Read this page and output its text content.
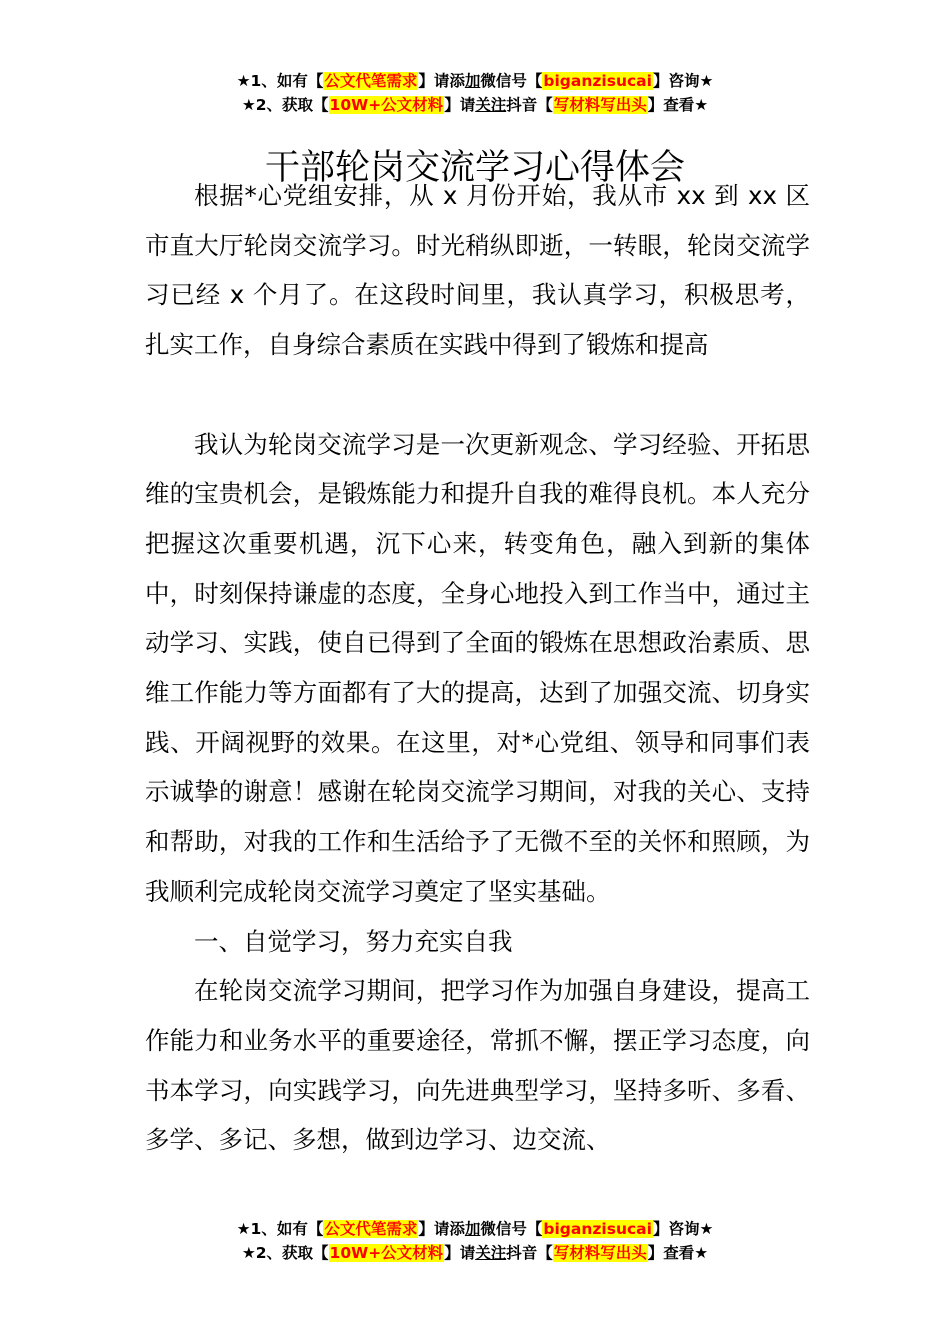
★1、如有【公文代笔需求】请添加微信号【biganzisucai】咨询★
★2、获取【10W+公文材料】请关注抖音【写材料写出头】查看★
干部轮岗交流学习心得体会

根据*心党组安排，从 x 月份开始，我从市 xx 到 xx 区市直大厅轮岗交流学习。时光稍纵即逝，一转眼，轮岗交流学习已经 x 个月了。在这段时间里，我认真学习，积极思考，扎实工作，自身综合素质在实践中得到了锻炼和提高

我认为轮岗交流学习是一次更新观念、学习经验、开拓思维的宝贵机会，是锻炼能力和提升自我的难得良机。本人充分把握这次重要机遇，沉下心来，转变角色，融入到新的集体中，时刻保持谦虚的态度，全身心地投入到工作当中，通过主动学习、实践，使自已得到了全面的锻炼在思想政治素质、思维工作能力等方面都有了大的提高，达到了加强交流、切身实践、开阔视野的效果。在这里，对*心党组、领导和同事们表示诚挚的谢意！感谢在轮岗交流学习期间，对我的关心、支持和帮助，对我的工作和生活给予了无微不至的关怀和照顾，为我顺利完成轮岗交流学习奠定了坚实基础。

一、自觉学习，努力充实自我

在轮岗交流学习期间，把学习作为加强自身建设，提高工作能力和业务水平的重要途径，常抓不懈，摆正学习态度，向书本学习，向实践学习，向先进典型学习，坚持多听、多看、多学、多记、多想，做到边学习、边交流、

★1、如有【公文代笔需求】请添加微信号【biganzisucai】咨询★
★2、获取【10W+公文材料】请关注抖音【写材料写出头】查看★
